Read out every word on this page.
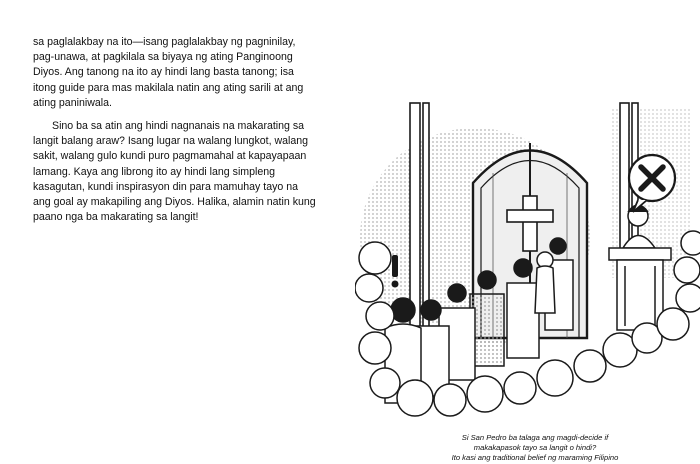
sa paglalakbay na ito—isang paglalakbay ng pagninilay, pag-unawa, at pagkilala sa biyaya ng ating Panginoong Diyos. Ang tanong na ito ay hindi lang basta tanong; isa itong guide para mas makilala natin ang ating sarili at ang ating paniniwala.

Sino ba sa atin ang hindi nagnanais na makarating sa langit balang araw? Isang lugar na walang lungkot, walang sakit, walang gulo kundi puro pagmamahal at kapayapaan lamang. Kaya ang librong ito ay hindi lang simpleng kasagutan, kundi inspirasyon din para mamuhay tayo na ang goal ay makapiling ang Diyos. Halika, alamin natin kung paano nga ba makarating sa langit!

Si San Pedro ba talaga ang magdi-decide if
makakapasok tayo sa langit o hindi?
Ito kasi ang traditional belief ng maraming Filipino
